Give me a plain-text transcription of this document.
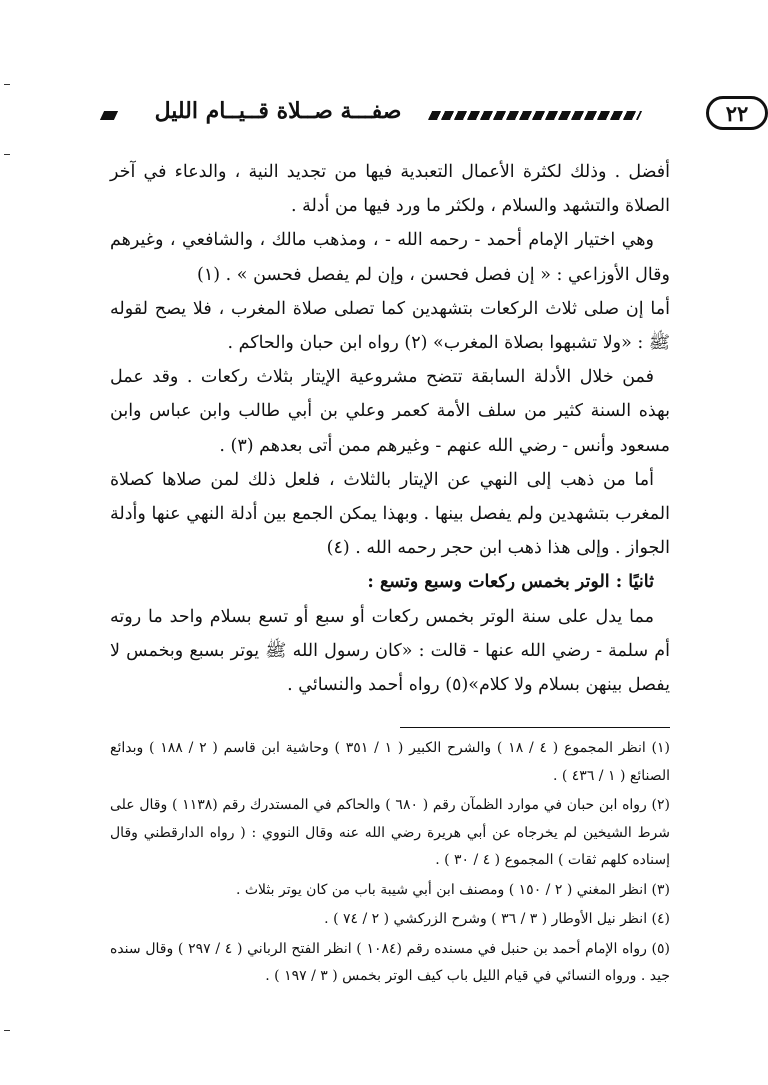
صفـــة صــلاة قــيــام الليل	٢٢

أفضل . وذلك لكثرة الأعمال التعبدية فيها من تجديد النية ، والدعاء في آخر الصلاة والتشهد والسلام ، ولكثر ما ورد فيها من أدلة .

وهي اختيار الإمام أحمد - رحمه الله - ، ومذهب مالك ، والشافعي ، وغيرهم وقال الأوزاعي : « إن فصل فحسن ، وإن لم يفصل فحسن » . (١)

أما إن صلى ثلاث الركعات بتشهدين كما تصلى صلاة المغرب ، فلا يصح لقوله ﷺ : «ولا تشبهوا بصلاة المغرب» (٢) رواه ابن حبان والحاكم .

فمن خلال الأدلة السابقة تتضح مشروعية الإيتار بثلاث ركعات . وقد عمل بهذه السنة كثير من سلف الأمة كعمر وعلي بن أبي طالب وابن عباس وابن مسعود وأنس - رضي الله عنهم - وغيرهم ممن أتى بعدهم (٣) .

أما من ذهب إلى النهي عن الإيتار بالثلاث ، فلعل ذلك لمن صلاها كصلاة المغرب بتشهدين ولم يفصل بينها . وبهذا يمكن الجمع بين أدلة النهي عنها وأدلة الجواز . وإلى هذا ذهب ابن حجر رحمه الله . (٤)

ثانيًا : الوتر بخمس ركعات وسبع وتسع :

مما يدل على سنة الوتر بخمس ركعات أو سبع أو تسع بسلام واحد ما روته أم سلمة - رضي الله عنها - قالت : «كان رسول الله ﷺ يوتر بسبع وبخمس لا يفصل بينهن بسلام ولا كلام»(٥) رواه أحمد والنسائي .

(١) انظر المجموع ( ٤ / ١٨ ) والشرح الكبير ( ١ / ٣٥١ ) وحاشية ابن قاسم ( ٢ / ١٨٨ ) وبدائع الصنائع ( ١ / ٤٣٦ ) .

(٢) رواه ابن حبان في موارد الظمآن رقم ( ٦٨٠ ) والحاكم في المستدرك رقم (١١٣٨ ) وقال على شرط الشيخين لم يخرجاه عن أبي هريرة رضي الله عنه وقال النووي : ( رواه الدارقطني وقال إسناده كلهم ثقات ) المجموع ( ٤ / ٣٠ ) .

(٣) انظر المغني ( ٢ / ١٥٠ ) ومصنف ابن أبي شيبة باب من كان يوتر بثلاث .

(٤) انظر نيل الأوطار ( ٣ / ٣٦ ) وشرح الزركشي ( ٢ / ٧٤ ) .

(٥) رواه الإمام أحمد بن حنبل في مسنده رقم (١٠٨٤ ) انظر الفتح الرباني ( ٤ / ٢٩٧ ) وقال سنده جيد . ورواه النسائي في قيام الليل باب كيف الوتر بخمس ( ٣ / ١٩٧ ) .
